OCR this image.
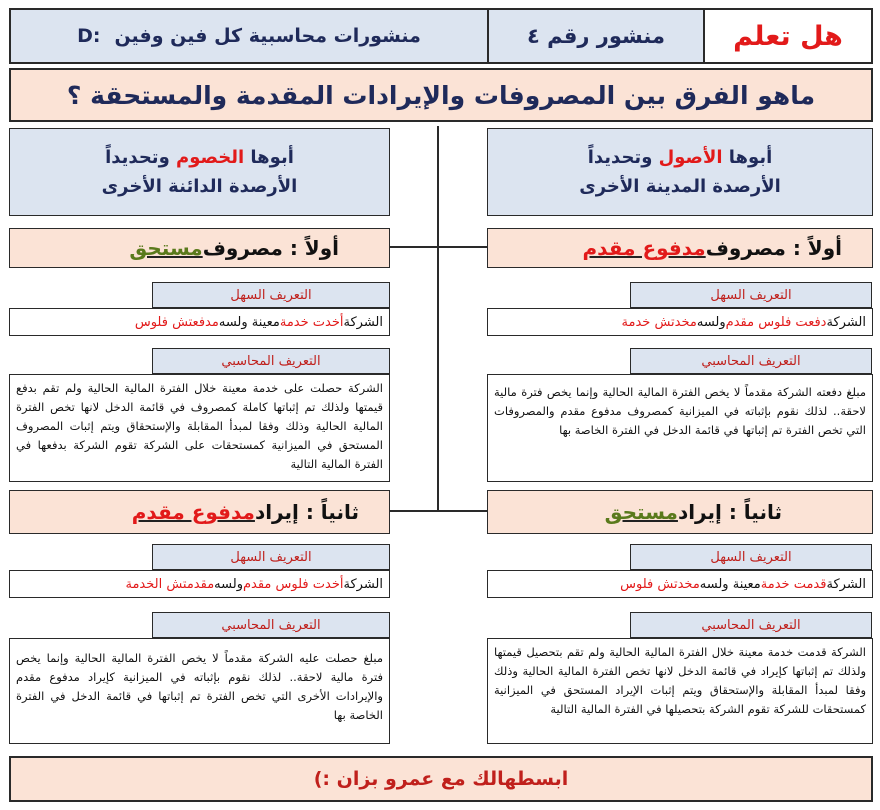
هل تعلم
منشور رقم ٤
منشورات محاسبية كل فين وفين
D:
ماهو الفرق بين المصروفات والإيرادات المقدمة والمستحقة ؟
أبوها الأصول وتحديداً
الأرصدة المدينة الأخرى
أولاً : مصروف
مدفوع مقدم
التعريف السهل
الشركة
دفعت فلوس مقدم
ولسه
مخدتش خدمة
التعريف المحاسبي
مبلغ دفعته الشركة مقدماً لا يخص الفترة المالية الحالية وإنما يخص فترة مالية لاحقة.. لذلك نقوم بإثباته في الميزانية كمصروف مدفوع مقدم والمصروفات التي تخص الفترة تم إثباتها في قائمة الدخل في الفترة الخاصة بها
ثانياً : إيراد
مستحق
التعريف السهل
الشركة
قدمت خدمة
معينة ولسه
مخدتش فلوس
التعريف المحاسبي
الشركة قدمت خدمة معينة خلال الفترة المالية الحالية ولم تقم بتحصيل قيمتها ولذلك تم إثباتها كإيراد في قائمة الدخل لانها تخص الفترة المالية الحالية وذلك وفقا لمبدأ المقابلة والإستحقاق ويتم إثبات الإيراد المستحق في الميزانية كمستحقات للشركة تقوم الشركة بتحصيلها في الفترة المالية التالية
أبوها الخصوم وتحديداً
الأرصدة الدائنة الأخرى
أولاً : مصروف
مستحق
التعريف السهل
الشركة
أخدت خدمة
معينة ولسه
مدفعتش فلوس
التعريف المحاسبي
الشركة حصلت على خدمة معينة خلال الفترة المالية الحالية ولم تقم بدفع قيمتها ولذلك تم إثباتها كاملة كمصروف في قائمة الدخل لانها تخص الفترة المالية الحالية وذلك وفقا لمبدأ المقابلة والإستحقاق ويتم إثبات المصروف المستحق في الميزانية كمستحقات على الشركة تقوم الشركة بدفعها في الفترة المالية التالية
ثانياً : إيراد
مدفوع مقدم
التعريف السهل
الشركة
أخدت فلوس مقدم
ولسه
مقدمتش الخدمة
التعريف المحاسبي
مبلغ حصلت عليه الشركة مقدماً لا يخص الفترة المالية الحالية وإنما يخص فترة مالية لاحقة.. لذلك نقوم بإثباته في الميزانية كإيراد مدفوع مقدم والإيرادات الأخرى التي تخص الفترة تم إثباتها في قائمة الدخل في الفترة الخاصة بها
ابسطهالك مع عمرو بزان :)
